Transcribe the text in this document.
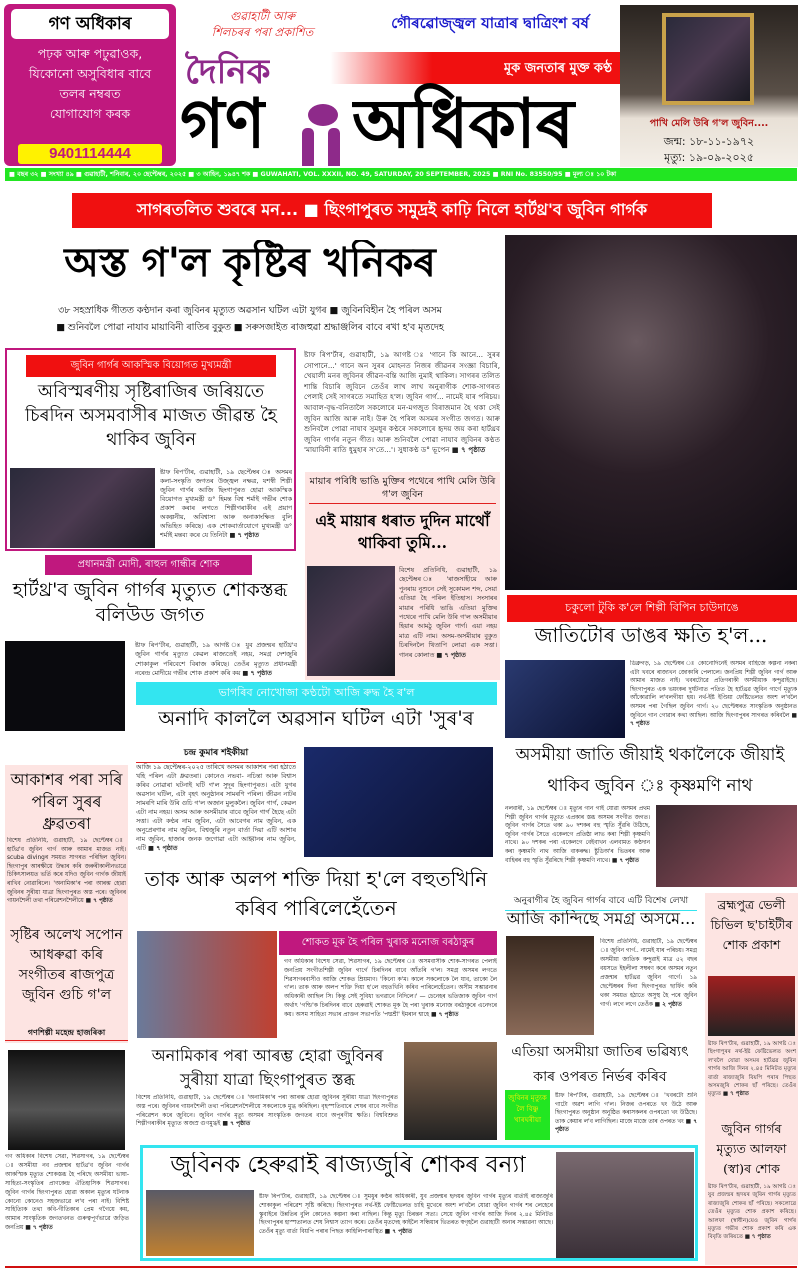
গণ অধিকাৰ
পঢ়ক আৰু পঢুৱাওক,
যিকোনো অসুবিধাৰ বাবে
তলৰ নম্বৰত
যোগাযোগ কৰক
9401114444
গুৱাহাটী আৰু
শিলচৰৰ পৰা প্ৰকাশিত	গৌৰৱোজ্জ্বল যাত্ৰাৰ দ্বাত্ৰিংশ বৰ্ষ
দৈনিক	মূক জনতাৰ মুক্ত কণ্ঠ
গণ অধিকাৰ	পাখি মেলি উৰি গ'ল জুবিন....
জন্ম: ১৮-১১-১৯৭২
মৃত্যু: ১৯-০৯-২০২৫
■ বছৰ ৩২ ■ সংখ্যা ৪৯ ■ গুৱাহাটী, শনিবাৰ, ২০ ছেপ্টেম্বৰ, ২০২৫ ■ ৩ আহিন, ১৯৪৭ শক ■ GUWAHATI, VOL. XXXII, NO. 49, SATURDAY, 20 SEPTEMBER, 2025 ■ RNI No. 83550/95 ■ মূল্য ঃ ১০ টকা
সাগৰতলিত শুবৰে মন... ■ ছিংগাপুৰত সমুদ্ৰই কাঢ়ি নিলে হাৰ্টথ্ৰ'ব জুবিন গাৰ্গক
অস্ত গ'ল কৃষ্টিৰ খনিকৰ
৩৮ সহস্ৰাধিক গীতত কণ্ঠদান কৰা জুবিনৰ মৃত্যুত অৱসান ঘটিল এটা যুগৰ ■ জুবিনবিহীন হৈ পৰিল অসম
■ শুনিবলৈ পোৱা নাযাব মায়াবিনী ৰাতিৰ বুকুত ■ সৰুসজাইত ৰাজহুৱা শ্ৰদ্ধাঞ্জলিৰ বাবে ৰখা হ'ব মৃতদেহ
জুবিন গাৰ্গৰ আকস্মিক বিয়োগত মুখ্যমন্ত্ৰী
অবিস্মৰণীয় সৃষ্টিৰাজিৰ জৰিয়তে চিৰদিন অসমবাসীৰ মাজত জীৱন্ত হৈ থাকিব জুবিন
ষ্টাফ ৰিপ'ৰ্টাৰ, গুৱাহাটী, ১৯ ছেপ্টেম্বৰ ঃ অসমৰ কলা-সংস্কৃতি জগতৰ উজ্জ্বল নক্ষত্ৰ, যশস্বী শিল্পী জুবিন গাৰ্গৰ আজি ছিংগাপুৰত হোৱা আকস্মিক বিয়োগত মুখ্যমন্ত্ৰী ড° হিমন্ত বিশ্ব শৰ্মাই গভীৰ শোক প্ৰকাশ কৰাৰ লগতে শিল্পীগৰাকীৰ এই প্ৰয়াণ অকল্পনীয়, অবিশ্বাস্য আৰু অনাকাংক্ষিত বুলি অভিহিত কৰিছে। এক শোকবাৰ্তাযোগে মুখ্যমন্ত্ৰী ড° শৰ্মাই মন্তব্য কৰে যে তিনিটা ■ ৭ পৃষ্ঠাত
ষ্টাফ ৰিপ'ৰ্টাৰ, গুৱাহাটী, ১৯ আগষ্ট ঃ 'গানে কি আনে... সুৰৰ সোপানে...' গানে অন সুৰৰ মোহনত নিজৰ জীৱনৰ সংজ্ঞা বিচাৰি, খেয়ালী মনৰ জুবিনৰ জীৱন-বন্তি আজি নুমাই থাকিল। সাগৰৰ তলিত শান্তি বিচাৰি জুবিনে তেওঁৰ লাখ লাখ অনুৰাগীক শোক-সাগৰত পেলাই সেই সাগৰতে সমাহিত হ'ল। জুবিন গাৰ্গ... নামেই যাৰ পৰিচয়। আবাল-বৃদ্ধ-বনিতালৈ সকলোৰে মন-মগজুত বিৰাজমান হৈ থকা সেই জুবিন আজি আৰু নাই। উৰু হৈ পৰিল অসমৰ সংগীত জগত। আৰু শুনিবলৈ পোৱা নাযাব সুমধুৰ কণ্ঠৰে সকলোৰে হৃদয় জয় কৰা হাৰ্টথ্ৰব জুবিন গাৰ্গৰ নতুন গীত। আৰু শুনিবলৈ পোৱা নাযাব জুবিনৰ কণ্ঠত 'মায়াবিনী ৰাতি ধুমুহাৰ স'তে...'। সুধাকণ্ঠ ড° ভূপেন ■ ৭ পৃষ্ঠাত
মায়াৰ পৰিধি ভাঙি মুক্তিৰ পথেৰে পাখি মেলি উৰি গ'ল জুবিন
এই মায়াৰ ধৰাত দুদিন মাথোঁ থাকিবা তুমি...
বিশেষ প্ৰতিনিধি, গুৱাহাটী, ১৯ ছেপ্টেম্বৰ ঃ 'ৰাজসাহীয়ে আৰু পুনৰায় নুশুনে সেই সুকোমল শব্দ, সেয়া এতিয়া হৈ পৰিল ইতিহাস। সংসাৰৰ মায়াৰ পৰিধি ভাঙি এতিয়া মুক্তিৰ পথেৰে পাখি মেলি উৰি গ'ল অসমীয়াৰ হিয়াৰ আমঠু জুবিন গাৰ্গ। এয়া নহয় মাত্ৰ এটি নাম। অসম-অসমীয়াৰ বুকুত চিৰদিনলৈ থিতাপি লোৱা এক সত্তা। গানৰ কোলাত ■ ৭ পৃষ্ঠাত
প্ৰধানমন্ত্ৰী মোদী, ৰাহুল গান্ধীৰ শোক
হাৰ্টথ্ৰ'ব জুবিন গাৰ্গৰ মৃত্যুত শোকস্তব্ধ বলিউড জগত
ষ্টাফ ৰিপ'ৰ্টাৰ, গুৱাহাটী, ১৯ আগষ্ট ঃ যুব প্ৰজন্মৰ হাৰ্টথ্ৰ'ব জুবিন গাৰ্গৰ মৃত্যুত কেৱল ৰাজ্যতেই নহয়, সমগ্ৰ দেশজুৰি শোকাকুল পৰিবেশে বিৰাজ কৰিছে। তেওঁৰ মৃত্যুত প্ৰধানমন্ত্ৰী নৰেন্দ্ৰ মোদীয়ে গভীৰ শোক প্ৰকাশ কৰি কয় ■ ৭ পৃষ্ঠাত
ভাগৰিব নোখোজা কণ্ঠটো আজি ৰুদ্ধ হৈ ৰ'ল
অনাদি কাললৈ অৱসান ঘটিল এটা 'সুৰ'ৰ
চন্দ্ৰ কুমাৰ শইকীয়া
আজি ১৯ ছেপ্টেম্বৰ-২০২৫ তাৰিখে অসমৰ আকাশৰ পৰা হঠাতে খহি পৰিল এটা ধ্ৰুৱতৰা। কোনেও নভবা- নচিন্তা আৰু বিশ্বাস কৰিব নোৱাৰা ঘটনাই ঘটি গ'ল সুদূৰ ছিংগাপুৰত। এটা যুগৰ অৱসান ঘটিল, এটা বৃহৎ অনুষ্ঠানৰ সামৰণি পৰিল। জীৱন নাটৰ সামৰণি মাৰি উৰি গুচি গ'ল অজান মুলুকলৈ। জুবিন গাৰ্গ, কেৱল এটা নাম নহয়। অসম আৰু অসমীয়াৰ বাবে জুবিন গাৰ্গ হৈছে এটা সত্তা। এটা কণ্ঠৰ নাম জুবিন, এটা আবেগৰ নাম জুবিন, এক অনুপ্ৰেৰণাৰ নাম জুবিন, বিশ্বজুৰি নতুন বাৰ্তা দিয়া এটি আশাৰ নাম জুবিন, হাজাৰ জনক জগোৱা এটা আহ্বানৰ নাম জুবিন, এটি ■ ৭ পৃষ্ঠাত
আকাশৰ পৰা সৰি পৰিল সুৰৰ ধ্ৰুৱতৰা
বিশেষ প্ৰতিনিধি, গুৱাহাটী, ১৯ ছেপ্টেম্বৰ ঃ হাৰ্টথ্ৰ'ব জুবিন গাৰ্গ আৰু আমাৰ মাজত নাই। scuba divingৰ সময়ত সাগৰত পৰিছিল জুবিন। ছিংগাপুৰ আৰক্ষীয়ে উদ্ধাৰ কৰি জৰুৰীকালীনভাৱে চিকিৎসালয়ত ভৰ্তি কৰে যদিও জুবিন গাৰ্গক জীয়াই ৰাখিব নোৱাৰিলে। 'অনামিকা'ৰ পৰা আৰম্ভ হোৱা জুবিনৰ সুৰীয়া যাত্ৰা ছিংগাপুৰত অস্ত পৰে। জুবিনৰ গায়নশৈলী তথা পৰিৱেশনশৈলীয়ে ■ ৭ পৃষ্ঠাত
সৃষ্টিৰ অলেখ সপোন আধৰুৱা কৰি সংগীতৰ ৰাজপুত্ৰ জুবিন গুচি গ'ল
গণশিল্পী মহেন্দ্ৰ হাজৰিকা
তাক আৰু অলপ শক্তি দিয়া হ'লে বহুতখিনি কৰিব পাৰিলেহেঁতেন
শোকত মূক হৈ পৰিল খুৰাক মনোজ বৰঠাকুৰ
গণ অধিকাৰ বিশেষ সেৱা, শিৱসাগৰ, ১৯ ছেপ্টেম্বৰ ঃ অসমবাসীক শোক-সাগৰত পেলাই জনপ্ৰিয় সংগীতশিল্পী জুবিন গাৰ্গে চিৰদিনৰ বাবে আঁতৰি গ'ল। সমগ্ৰ অসমৰ লগতে শিৱসাগৰবাসীও আজি শোকত ম্ৰিয়মাণ। 'কিনো ক'ম। কালে সকলোকে লৈ যাব, তাকো লৈ গ'ল। তাক আৰু অলপ শক্তি দিয়া হ'লে বহুতখিনি কৰিব পাৰিলেহেঁতেন। অসীম সম্ভাৱনাৰ অধিকাৰী আছিল সি। কিন্তু সেই সুবিধা ভগৱানে নিদিলে।' — চেনেহৰ ভতিজাক জুবিন গাৰ্গ অৰ্থাৎ 'গল্ডি'ক চিৰদিনৰ বাবে হেৰুৱাই শোকত মূক হৈ পৰা খুৰাক মনোজ বৰঠাকুৰে এনেদৰে কয়। অসম সাহিত্য সভাৰ প্ৰাক্তন সভাপতি 'পদ্মশ্ৰী' ইমৰান শ্বাহে ■ ৭ পৃষ্ঠাত
অনামিকাৰ পৰা আৰম্ভ হোৱা জুবিনৰ সুৰীয়া যাত্ৰা ছিংগাপুৰত স্তব্ধ
বিশেষ প্ৰতিনিধি, গুৱাহাটী, ১৯ ছেপ্টেম্বৰ ঃ 'অনামিকা'ৰ পৰা আৰম্ভ হোৱা জুবিনৰ সুৰীয়া যাত্ৰা ছিংগাপুৰত অস্ত পৰে। জুবিনৰ গায়নশৈলী তথা পৰিৱেশনশৈলীয়ে সকলোকে মুগ্ধ কৰিছিল। বৃহস্পতিবাৰে শেষৰ বাবে সংগীত পৰিৱেশন কৰে জুবিনে। জুবিন গাৰ্গৰ মৃত্যু অসমৰ সাংস্কৃতিক জগতৰ বাবে অপূৰণীয় ক্ষতি। বিশ্ববিশ্ৰুত শিল্পীগৰাকীৰ মৃত্যুত অজস্ৰ গুণমুগ্ধই ■ ৭ পৃষ্ঠাত
গণ অধিকাৰ বিশেষ সেৱা, শিৱসাগৰ, ১৯ ছেপ্টেম্বৰ ঃ অসমীয়া নব প্ৰজন্মৰ হাৰ্টথ্ৰ'ব জুবিন গাৰ্গৰ আকস্মিক মৃত্যুত শোকস্তব্ধ হৈ পৰিছে অসমীয়া ভাষা-সাহিত্য-সংস্কৃতিৰ প্ৰাণকেন্দ্ৰ ঐতিহাসিক শিৱসাগৰ। জুবিন গাৰ্গৰ ছিংগাপুৰত হোৱা অকাল মৃত্যুৰ ঘটনাক কোনো কোনেও সহজভাৱে ল'ব পৰা নাই। বিশিষ্ট সাহিত্যিক তথা কবি-গীতিকাৰ প্ৰেম গগৈয়ে কয়, আমাৰ সাংস্কৃতিক জগতখনত গুৰুত্বপূৰ্ণভাৱে জড়িত জনপ্ৰিয় ■ ৭ পৃষ্ঠাত
জুবিনক হেৰুৱাই ৰাজ্যজুৰি শোকৰ বন্যা
ষ্টাফ ৰিপ'ৰ্টাৰ, গুৱাহাটী, ১৯ ছেপ্টেম্বৰ ঃ সুমধুৰ কণ্ঠৰ অধিকাৰী, যুব প্ৰজন্মৰ হৃদয়ৰ জুবিন গাৰ্গৰ মৃত্যুৰ বাৰ্তাই ৰাজ্যজুৰি শোকাকুল পৰিৱেশ সৃষ্টি কৰিছে। ছিংগাপুৰত নৰ্থ-ইষ্ট ফেষ্টিভেলত চাহি মুখেৰে অংশ ল'বলৈ যোৱা জুবিন গাৰ্গৰ শৰ লেহেৰে স্কুবাইৰে উন্নতিৰ বুলি কোনেও কল্পনা কৰা নাছিল। কিন্তু মৃত্যু চিৰন্তন সত্য। সেয়ে জুবিন গাৰ্গৰ আজি দিনৰ ২.৪৫ মিনিটত ছিংগাপুৰৰ হাস্পতালত শেষ নিশ্বাস ত্যাগ কৰে। তেওঁৰ মৃতদেহ কাইলৈ সন্ধিয়াৰ ভিতৰত স্বগৃহলৈ গুৱাহাটী অনাৰ সম্ভাৱনা আছে। তেওঁৰ মৃত্যু বাৰ্তা বিয়পি পৰাৰ পিছত কাহিলিপাৰাস্থিত ■ ৭ পৃষ্ঠাত
চকুলো টুকি ক'লে শিল্পী বিপিন চাউদাঙে
জাতিটোৰ ডাঙৰ ক্ষতি হ'ল...
ডিব্ৰুগড়, ১৯ ছেপ্টেম্বৰ ঃ কোনোদিনেই অসমৰ বাহিজে কল্পনা নকৰা এটা খবৰে ৰাজ্যখন জোকাৰি পেলালে। জনপ্ৰিয় শিল্পী জুবিন গাৰ্গ আৰু আমাৰ মাজত নাই। খবৰটোৱে প্ৰতিগৰাকী অসমীয়াক কন্দুৱাইছে। ছিংগাপুৰত এক ভয়ংকৰ দুৰ্ঘটনাত পতিত হৈ হাৰ্টথ্ৰৱ জুবিন গাৰ্গে মৃত্যুক আঁকোৱালি ল'বলগীয়া হয়। নৰ্থ-ইষ্ট ইণ্ডিয়া ফেষ্টিভেলত অংশ ল'বলৈ অসমৰ পৰা গৈছিল জুবিন গাৰ্গ। ২০ ছেপ্টেম্বৰত সাংস্কৃতিক অনুষ্ঠানত জুবিনে গান গোৱাৰ কথা আছিল। আজি ছিংগাপুৰৰ সাগৰত কৰিবলৈ ■ ৭ পৃষ্ঠাত
অসমীয়া জাতি জীয়াই থকালৈকে জীয়াই থাকিব জুবিন ঃ কৃষ্ণমণি নাথ
নলবাৰী, ১৯ ছেপ্টেম্বৰ ঃ মৃত্যুৰ গান গাই যোৱা অসমৰ প্ৰথম শিল্পী জুবিন গাৰ্গৰ মৃত্যুত এপ্ৰকাৰ স্তব্ধ অসমৰ সংগীত জগত। জুবিন গাৰ্গৰ সৈতে থকা ৯০ দশকৰ বহু স্মৃতি সুঁৱৰি উঠিছে, জুবিন গাৰ্গৰ সৈতে একেলগে প্ৰতিষ্ঠা লাভ কৰা শিল্পী কৃষ্ণমণি নাথে। ৯০ দশকৰ পৰা একেলগে বেইবাখন এলবামত কণ্ঠদান কৰা কৃষ্ণমণি নাথ আজি বাকৰুদ্ধ। ষ্টুডিঅ'ৰ ভিতৰৰ আৰু বাহিৰৰ বহু স্মৃতি সুঁৱৰিছে শিল্পী কৃষ্ণমণি নাথে। ■ ৭ পৃষ্ঠাত
অনুৰাগীৰ হৈ জুবিন গাৰ্গৰ বাবে এটি বিশেষ লেখা
আজি কান্দিছে সমগ্ৰ অসমে...
বিশেষ প্ৰতিনিধি, গুৱাহাটী, ১৯ ছেপ্টেম্বৰ ঃ জুবিন গাৰ্গ.. নামেই যাৰ পৰিচয়। সমগ্ৰ অসমীয়া জাতিক কন্দুৱাই মাত্ৰ ৫২ বছৰ বয়সতে ইহলীলা সম্বৰণ কৰে অসমৰ নতুন প্ৰজন্মৰ হাৰ্টথ্ৰৱ জুবিন গাৰ্গে। ১৯ ছেপ্টেম্বৰৰ দিনা ছিংগাপুৰত ছাৰ্ফিং কৰি থকা সময়ত হঠাতে অসুস্থ হৈ পৰে জুবিন গাৰ্গ। লগে লগে তেওঁক ■ ২ পৃষ্ঠাত
এতিয়া অসমীয়া জাতিৰ ভৱিষ্যৎ কাৰ ওপৰত নিৰ্ভৰ কৰিব
জুবিনৰ মৃত্যুক লৈ বিষ্ণু খাৰঘৰীয়া
ষ্টাফ ৰিপ'ৰ্টাৰ, গুৱাহাটী, ১৯ ছেপ্টেম্বৰ ঃ 'খবৰটো শুনি গাটো অৱশ লাগি গ'ল। নিজৰ ওপৰতে খং উঠে আৰু ছিংগাপুৰত অনুষ্ঠান অনুষ্ঠিত কৰাসকলৰ ওপৰতো খং উঠিছে। তাক কেয়াৰ ল'ব লাগিছিল। মাজে মাজে তাৰ ওপৰত খং ■ ৭ পৃষ্ঠাত
ব্ৰহ্মপুত্ৰ ভেলী চিভিল ছ'চাইটীৰ শোক প্ৰকাশ
ষ্টাফ ৰিপ'ৰ্টাৰ, গুৱাহাটী, ১৯ আগষ্ট ঃ ছিংগাপুৰৰ নৰ্থ-ইষ্ট ফেষ্টিভেলত অংশ ল'বলৈ যোৱা অসমৰ হাৰ্টথ্ৰৱ জুবিন গাৰ্গৰ আজি দিনৰ ২.৪৫ মিনিটত মৃত্যুৰ বাৰ্তা ৰাজ্যজুৰি বিয়পি পৰাৰ পিছত অসমজুৰি শোকৰ ছাঁ পৰিছে। তেওঁৰ মৃত্যুত ■ ৭ পৃষ্ঠাত
জুবিন গাৰ্গৰ মৃত্যুত আলফা (স্বা)ৰ শোক
ষ্টাফ ৰিপ'ৰ্টাৰ, গুৱাহাটী, ১৯ আগষ্ট ঃ যুব প্ৰজন্মৰ হৃদয়ৰ জুবিন গাৰ্গৰ মৃত্যুত ৰাজ্যজুৰি শোকৰ ছাঁ পৰিছে। সকলোৱে তেওঁৰ মৃত্যুত শোক প্ৰকাশ কৰিছে। আলফা (স্বাধীন)য়েও জুবিন গাৰ্গৰ মৃত্যুত গভীৰ শোক প্ৰকাশ কৰি এক বিবৃতি জৰিয়তে ■ ৭ পৃষ্ঠাত
